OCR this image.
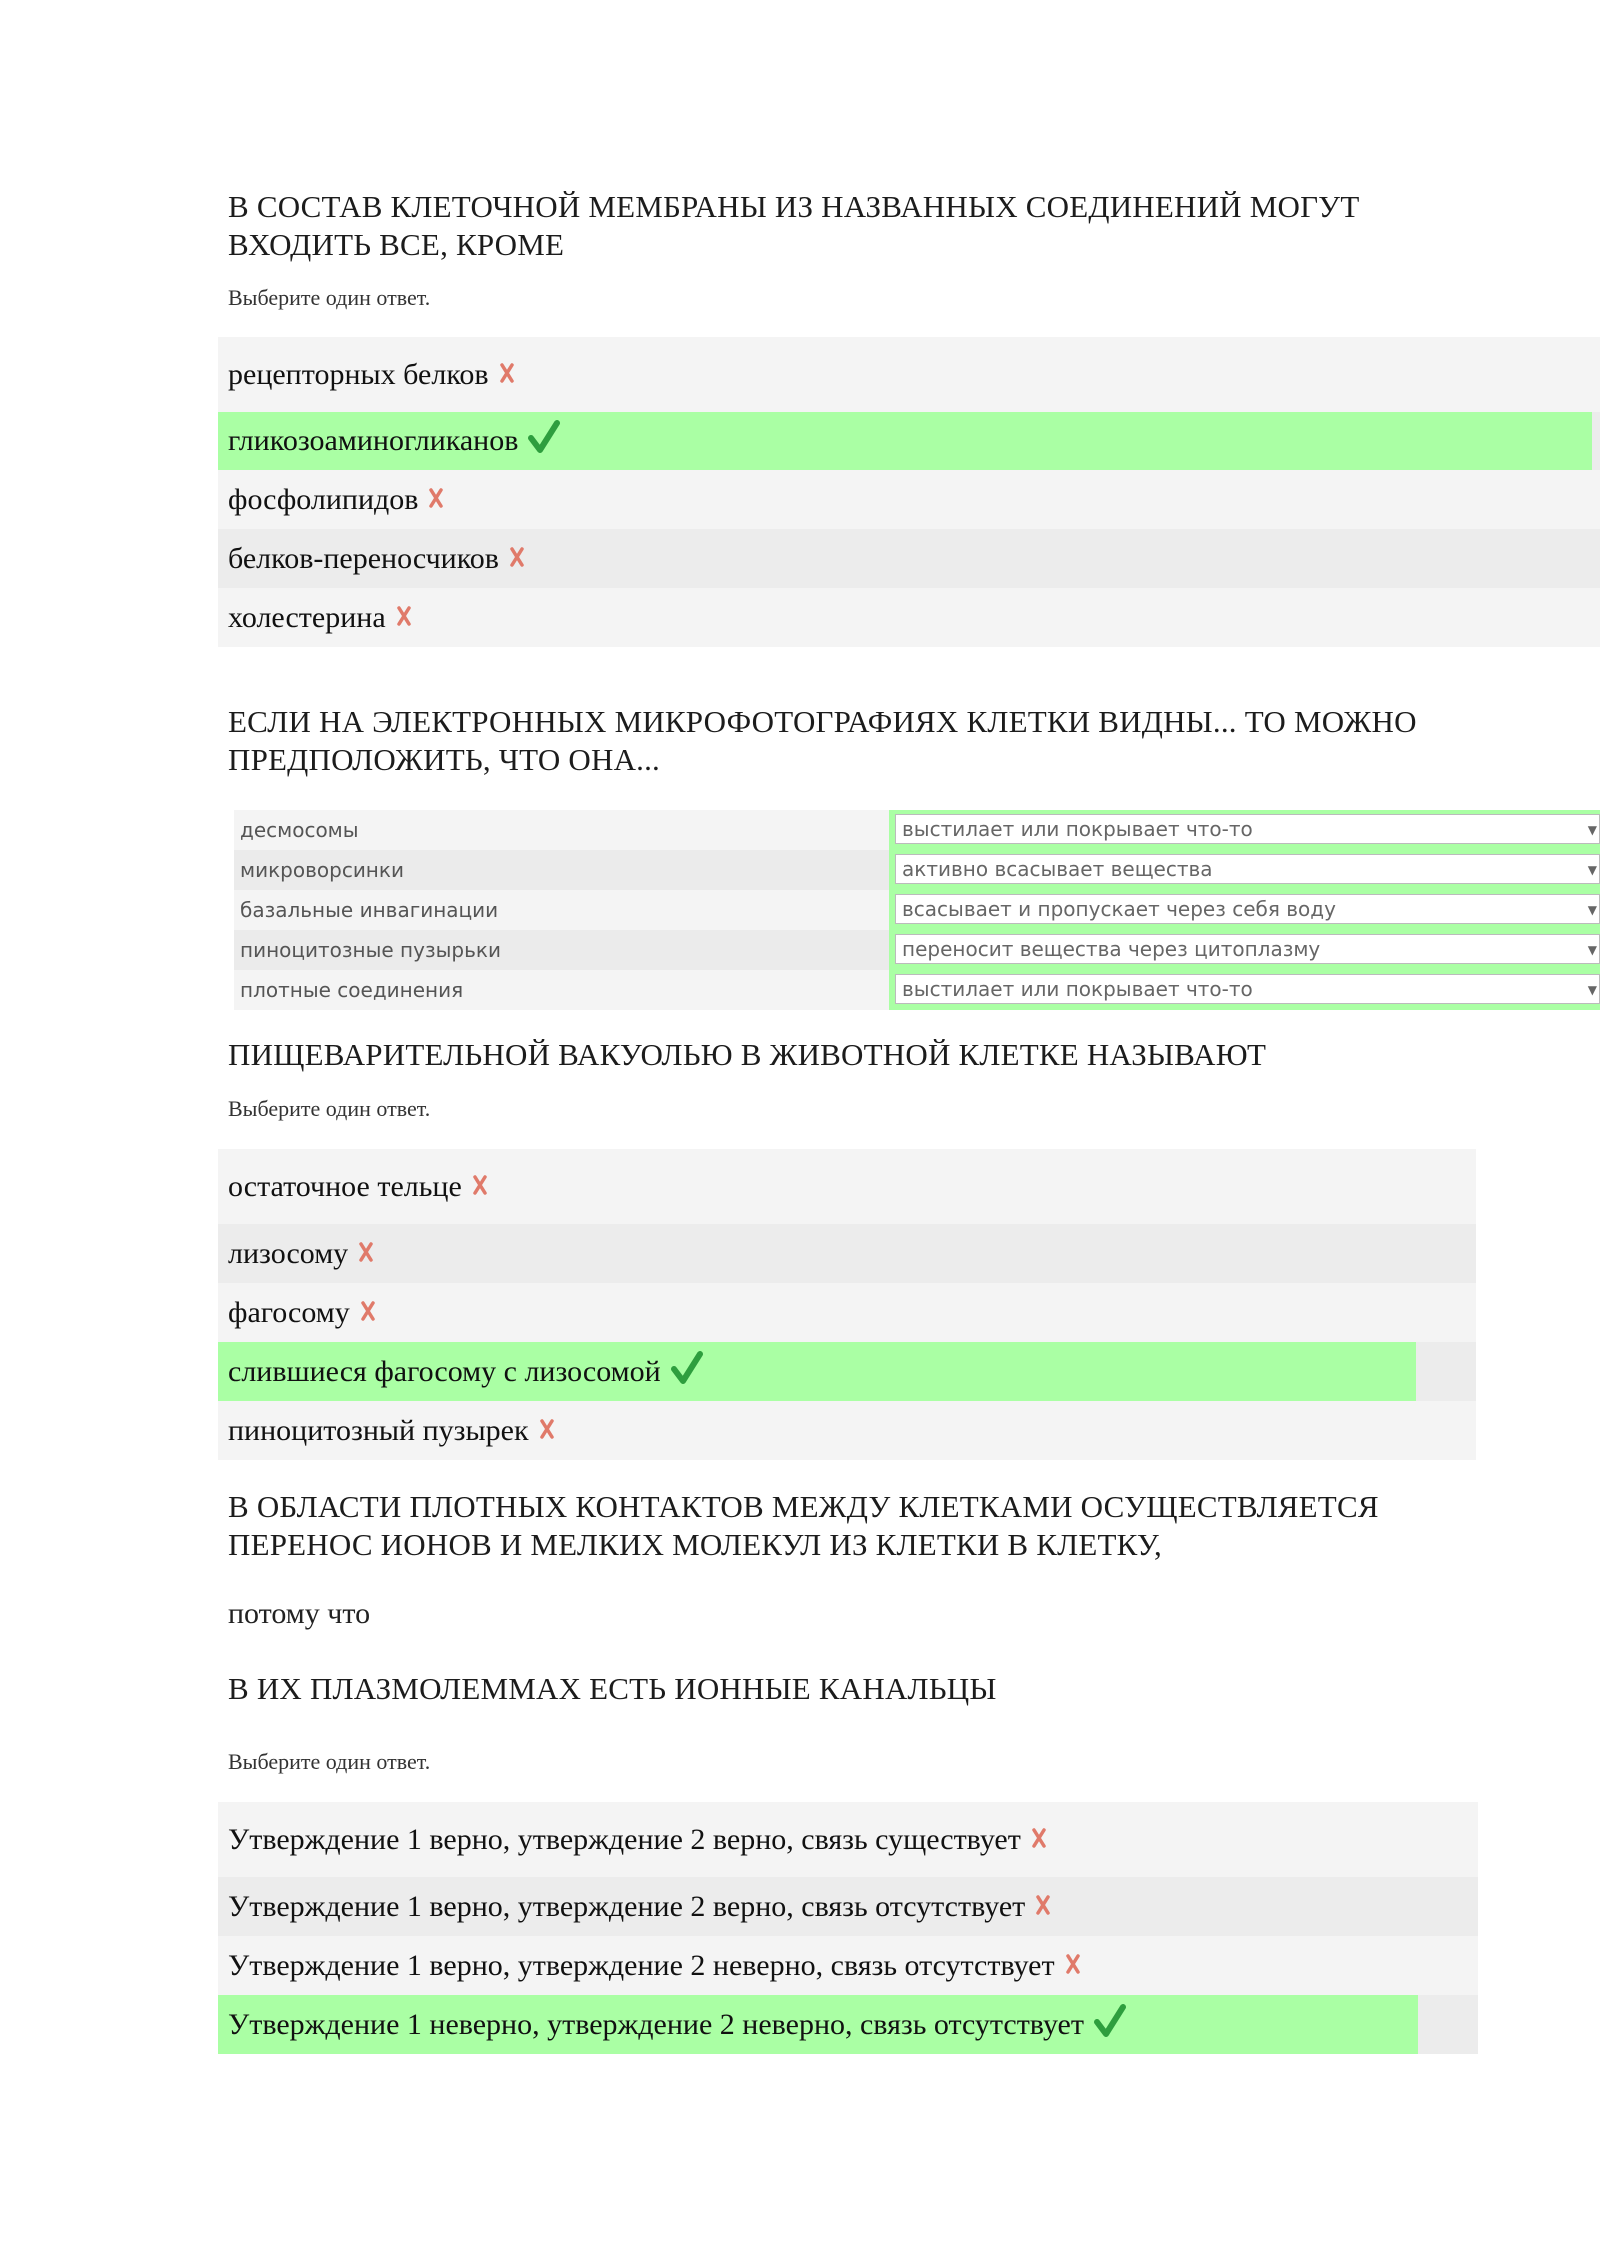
В СОСТАВ КЛЕТОЧНОЙ МЕМБРАНЫ ИЗ НАЗВАННЫХ СОЕДИНЕНИЙ МОГУТ
ВХОДИТЬ ВСЕ, КРОМЕ
Выберите один ответ.
рецепторных белков
гликозоаминогликанов
фосфолипидов
белков-переносчиков
холестерина
ЕСЛИ НА ЭЛЕКТРОННЫХ МИКРОФОТОГРАФИЯХ КЛЕТКИ ВИДНЫ... ТО МОЖНО
ПРЕДПОЛОЖИТЬ, ЧТО ОНА...
десмосомы	выстилает или покрывает что-то	▼
микроворсинки	активно всасывает вещества	▼
базальные инвагинации	всасывает и пропускает через себя воду	▼
пиноцитозные пузырьки	переносит вещества через цитоплазму	▼
плотные соединения	выстилает или покрывает что-то	▼
ПИЩЕВАРИТЕЛЬНОЙ ВАКУОЛЬЮ В ЖИВОТНОЙ КЛЕТКЕ НАЗЫВАЮТ
Выберите один ответ.
остаточное тельце
лизосому
фагосому
слившиеся фагосому с лизосомой
пиноцитозный пузырек
В ОБЛАСТИ ПЛОТНЫХ КОНТАКТОВ МЕЖДУ КЛЕТКАМИ ОСУЩЕСТВЛЯЕТСЯ
ПЕРЕНОС ИОНОВ И МЕЛКИХ МОЛЕКУЛ ИЗ КЛЕТКИ В КЛЕТКУ,
потому что
В ИХ ПЛАЗМОЛЕММАХ ЕСТЬ ИОННЫЕ КАНАЛЬЦЫ
Выберите один ответ.
Утверждение 1 верно, утверждение 2 верно, связь существует
Утверждение 1 верно, утверждение 2 верно, связь отсутствует
Утверждение 1 верно, утверждение 2 неверно, связь отсутствует
Утверждение 1 неверно, утверждение 2 неверно, связь отсутствует
